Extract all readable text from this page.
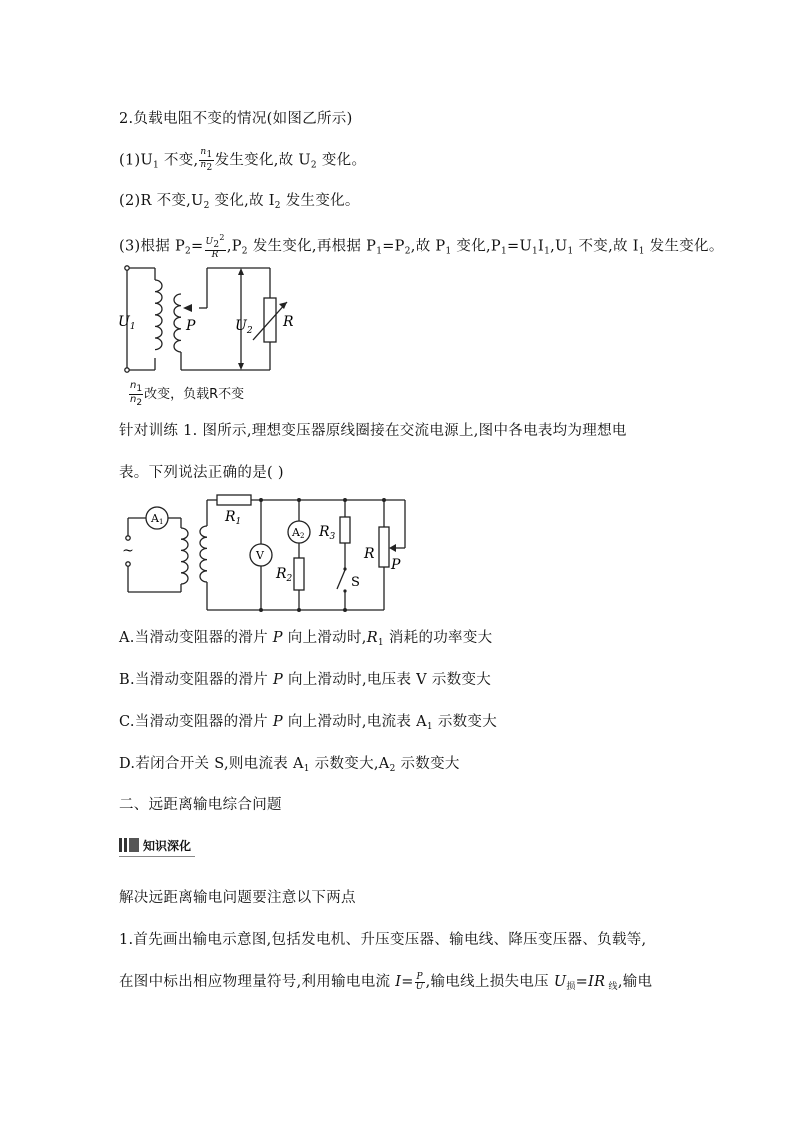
2.负载电阻不变的情况(如图乙所示)
$(1)U_1$ 不变, $\frac{n_1}{n_2}$ 发生变化,故 $U_2$ 变化。
(2)R 不变$,U_2$ 变化,故 $I_2$ 发生变化。
(3)根据 $P_2= \frac{U_2^2}{R} ,P_2$ 发生变化,再根据 $P_1=P_2$,故 $P_1$ 变化$,P_1=U_1I_1,U_1$ 不变,故 $I_1$ 发生变化。
$U_1$	P	$U_2$
R
$\frac{n_1}{n_2}$ 改变，负载R不变
针对训练 1. 图所示,理想变压器原线圈接在交流电源上,图中各电表均为理想电
表。下列说法正确的是( )
~
A1	$R_1$
V
A2
$R_2$
$R_3$
S
R
P
A.当滑动变阻器的滑片 P 向上滑动时$,R_1$ 消耗的功率变大
B.当滑动变阻器的滑片 P 向上滑动时,电压表 V 示数变大
C.当滑动变阻器的滑片 P 向上滑动时,电流表 $A_1$ 示数变大
D.若闭合开关 S,则电流表 $A_1$ 示数变大$,A_2$ 示数变大
二、远距离输电综合问题
知识深化
解决远距离输电问题要注意以下两点
1.首先画出输电示意图,包括发电机、升压变压器、输电线、降压变压器、负载等,
在图中标出相应物理量符号,利用输电电流 $I= \frac{P}{U}$ ,输电线上损失电压 $U_损=IR$ $_线$,输电
